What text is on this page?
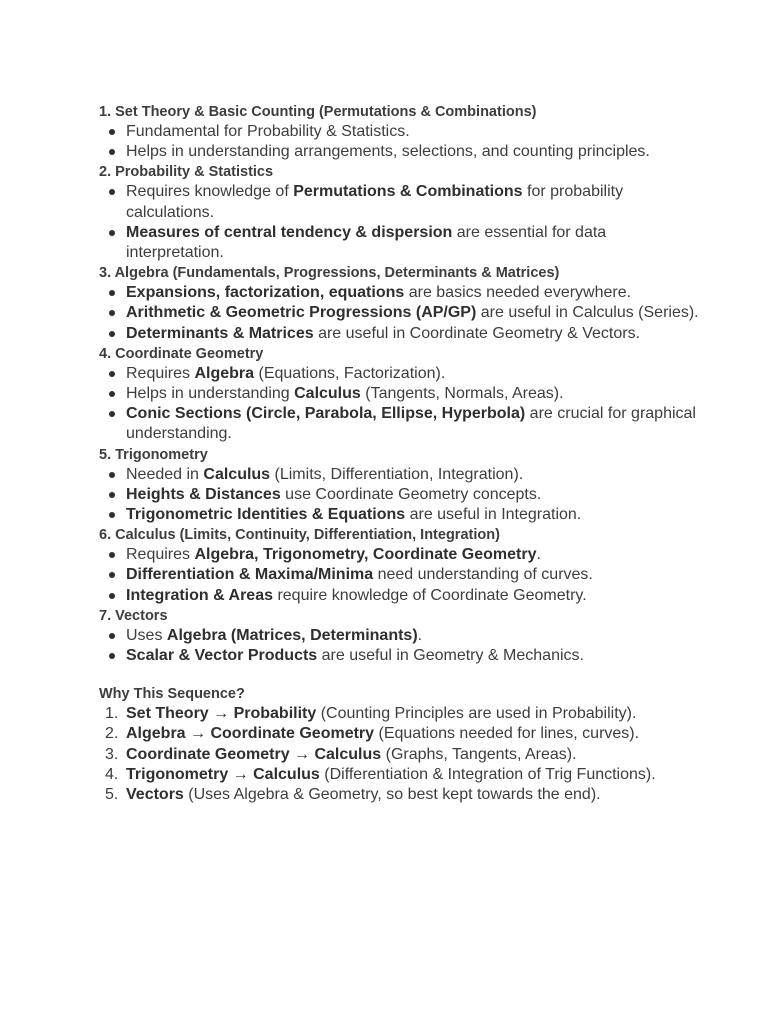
1. Set Theory & Basic Counting (Permutations & Combinations)
Fundamental for Probability & Statistics.
Helps in understanding arrangements, selections, and counting principles.
2. Probability & Statistics
Requires knowledge of Permutations & Combinations for probability calculations.
Measures of central tendency & dispersion are essential for data interpretation.
3. Algebra (Fundamentals, Progressions, Determinants & Matrices)
Expansions, factorization, equations are basics needed everywhere.
Arithmetic & Geometric Progressions (AP/GP) are useful in Calculus (Series).
Determinants & Matrices are useful in Coordinate Geometry & Vectors.
4. Coordinate Geometry
Requires Algebra (Equations, Factorization).
Helps in understanding Calculus (Tangents, Normals, Areas).
Conic Sections (Circle, Parabola, Ellipse, Hyperbola) are crucial for graphical understanding.
5. Trigonometry
Needed in Calculus (Limits, Differentiation, Integration).
Heights & Distances use Coordinate Geometry concepts.
Trigonometric Identities & Equations are useful in Integration.
6. Calculus (Limits, Continuity, Differentiation, Integration)
Requires Algebra, Trigonometry, Coordinate Geometry.
Differentiation & Maxima/Minima need understanding of curves.
Integration & Areas require knowledge of Coordinate Geometry.
7. Vectors
Uses Algebra (Matrices, Determinants).
Scalar & Vector Products are useful in Geometry & Mechanics.
Why This Sequence?
1. Set Theory → Probability (Counting Principles are used in Probability).
2. Algebra → Coordinate Geometry (Equations needed for lines, curves).
3. Coordinate Geometry → Calculus (Graphs, Tangents, Areas).
4. Trigonometry → Calculus (Differentiation & Integration of Trig Functions).
5. Vectors (Uses Algebra & Geometry, so best kept towards the end).
